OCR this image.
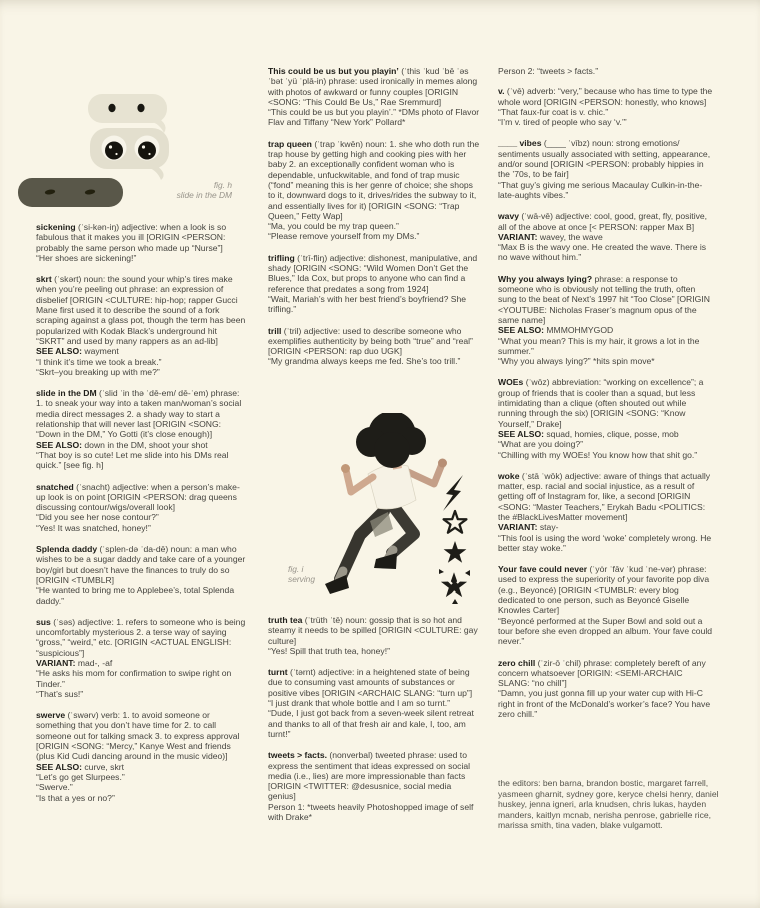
fig. h
slide in the DM
sickening (ˈsi-kən-iŋ) adjective: when a look is so fabulous that it makes you ill [ORIGIN <PERSON: probably the same person who made up “Nurse”]
“Her shoes are sickening!”
skrt (ˈskərt) noun: the sound your whip’s tires make when you’re peeling out phrase: an expression of disbelief [ORIGIN <CULTURE: hip-hop; rapper Gucci Mane first used it to describe the sound of a fork scraping against a glass pot, though the term has been popularized with Kodak Black’s underground hit “SKRT” and used by many rappers as an ad-lib]
SEE ALSO: wayment
“I think it’s time we took a break.”
“Skrt–you breaking up with me?”
slide in the DM (ˈslid ˈin thə ˈdē-em/ dē-ˈem) phrase: 1. to sneak your way into a taken man/woman’s social media direct messages 2. a shady way to start a relationship that will never last [ORIGIN <SONG: “Down in the DM,” Yo Gotti (it’s close enough)]
SEE ALSO: down in the DM, shoot your shot
“That boy is so cute! Let me slide into his DMs real quick.” [see fig. h]
snatched (ˈsnacht) adjective: when a person’s make-up look is on point [ORIGIN <PERSON: drag queens discussing contour/wigs/overall look]
“Did you see her nose contour?”
“Yes! It was snatched, honey!”
Splenda daddy (ˈsplen-də ˈda-dē) noun: a man who wishes to be a sugar daddy and take care of a younger boy/girl but doesn’t have the finances to truly do so [ORIGIN <TUMBLR]
“He wanted to bring me to Applebee’s, total Splenda daddy.”
sus (ˈsəs) adjective: 1. refers to someone who is being uncomfortably mysterious 2. a terse way of saying “gross,” “weird,” etc. [ORIGIN <ACTUAL ENGLISH: “suspicious”]
VARIANT: mad-, -af
“He asks his mom for confirmation to swipe right on Tinder.”
“That’s sus!”
swerve (ˈswərv) verb: 1. to avoid someone or something that you don’t have time for 2. to call someone out for talking smack 3. to express approval [ORIGIN <SONG: “Mercy,” Kanye West and friends (plus Kid Cudi dancing around in the music video)]
SEE ALSO: curve, skrt
“Let’s go get Slurpees.”
“Swerve.”
“Is that a yes or no?”
This could be us but you playin’ (ˈthis ˈkud ˈbē ˈəs ˈbət ˈyü ˈplā-in) phrase: used ironically in memes along with photos of awkward or funny couples [ORIGIN <SONG: “This Could Be Us,” Rae Sremmurd]
“This could be us but you playin’.” *DMs photo of Flavor Flav and Tiffany “New York” Pollard*
trap queen (ˈtrap ˈkwēn) noun: 1. she who doth run the trap house by getting high and cooking pies with her baby 2. an exceptionally confident woman who is dependable, unfuckwitable, and fond of trap music (“fond” meaning this is her genre of choice; she shops to it, downward dogs to it, drives/rides the subway to it, and essentially lives for it) [ORIGIN <SONG: “Trap Queen,” Fetty Wap]
“Ma, you could be my trap queen.”
“Please remove yourself from my DMs.”
trifling (ˈtrī-fliŋ) adjective: dishonest, manipulative, and shady [ORIGIN <SONG: “Wild Women Don’t Get the Blues,” Ida Cox, but props to anyone who can find a reference that predates a song from 1924]
“Wait, Mariah’s with her best friend’s boyfriend? She trifling.”
trill (ˈtril) adjective: used to describe someone who exemplifies authenticity by being both “true” and “real” [ORIGIN <PERSON: rap duo UGK]
“My grandma always keeps me fed. She’s too trill.”
fig. i
serving
truth tea (ˈtrüth ˈtē) noun: gossip that is so hot and steamy it needs to be spilled [ORIGIN <CULTURE: gay culture]
“Yes! Spill that truth tea, honey!”
turnt (ˈtərnt) adjective: in a heightened state of being due to consuming vast amounts of substances or positive vibes [ORIGIN <ARCHAIC SLANG: “turn up”]
“I just drank that whole bottle and I am so turnt.”
“Dude, I just got back from a seven-week silent retreat and thanks to all of that fresh air and kale, I, too, am turnt!”
tweets > facts. (nonverbal) tweeted phrase: used to express the sentiment that ideas expressed on social media (i.e., lies) are more impressionable than facts [ORIGIN <TWITTER: @desusnice, social media genius]
Person 1: *tweets heavily Photoshopped image of self with Drake*
Person 2: “tweets > facts.”
v. (ˈvē) adverb: “very,” because who has time to type the whole word [ORIGIN <PERSON: honestly, who knows]
“That faux-fur coat is v. chic.”
“I’m v. tired of people who say ‘v.’”
____ vibes (____ ˈvībz) noun: strong emotions/ sentiments usually associated with setting, appearance, and/or sound [ORIGIN <PERSON: probably hippies in the ’70s, to be fair]
“That guy’s giving me serious Macaulay Culkin-in-the-late-aughts vibes.”
wavy (ˈwā-vē) adjective: cool, good, great, fly, positive, all of the above at once [< PERSON: rapper Max B]
VARIANT: wavey, the wave
“Max B is the wavy one. He created the wave. There is no wave without him.”
Why you always lying? phrase: a response to someone who is obviously not telling the truth, often sung to the beat of Next’s 1997 hit “Too Close” [ORIGIN <YOUTUBE: Nicholas Fraser’s magnum opus of the same name]
SEE ALSO: MMMOHMYGOD
“What you mean? This is my hair, it grows a lot in the summer.”
“Why you always lying?” *hits spin move*
WOEs (ˈwōz) abbreviation: “working on excellence”; a group of friends that is cooler than a squad, but less intimidating than a clique (often shouted out while running through the six) [ORIGIN <SONG: “Know Yourself,” Drake]
SEE ALSO: squad, homies, clique, posse, mob
“What are you doing?”
“Chilling with my WOEs! You know how that shit go.”
woke (ˈstā ˈwōk) adjective: aware of things that actually matter, esp. racial and social injustice, as a result of getting off of Instagram for, like, a second [ORIGIN <SONG: “Master Teachers,” Erykah Badu <POLITICS: the #BlackLivesMatter movement]
VARIANT: stay-
“This fool is using the word ‘woke’ completely wrong. He better stay woke.”
Your fave could never (ˈyȯr ˈfāv ˈkud ˈne-vər) phrase: used to express the superiority of your favorite pop diva (e.g., Beyoncé) [ORIGIN <TUMBLR: every blog dedicated to one person, such as Beyoncé Giselle Knowles Carter]
“Beyoncé performed at the Super Bowl and sold out a tour before she even dropped an album. Your fave could never.”
zero chill (ˈzir-ō ˈchil) phrase: completely bereft of any concern whatsoever [ORIGIN: <SEMI-ARCHAIC SLANG: “no chill”]
“Damn, you just gonna fill up your water cup with Hi-C right in front of the McDonald’s worker’s face? You have zero chill.”
the editors: ben barna, brandon bostic, margaret farrell, yasmeen gharnit, sydney gore, keryce chelsi henry, daniel huskey, jenna igneri, arla knudsen, chris lukas, hayden manders, kaitlyn mcnab, nerisha penrose, gabrielle rice, marissa smith, tina vaden, blake vulgamott.
